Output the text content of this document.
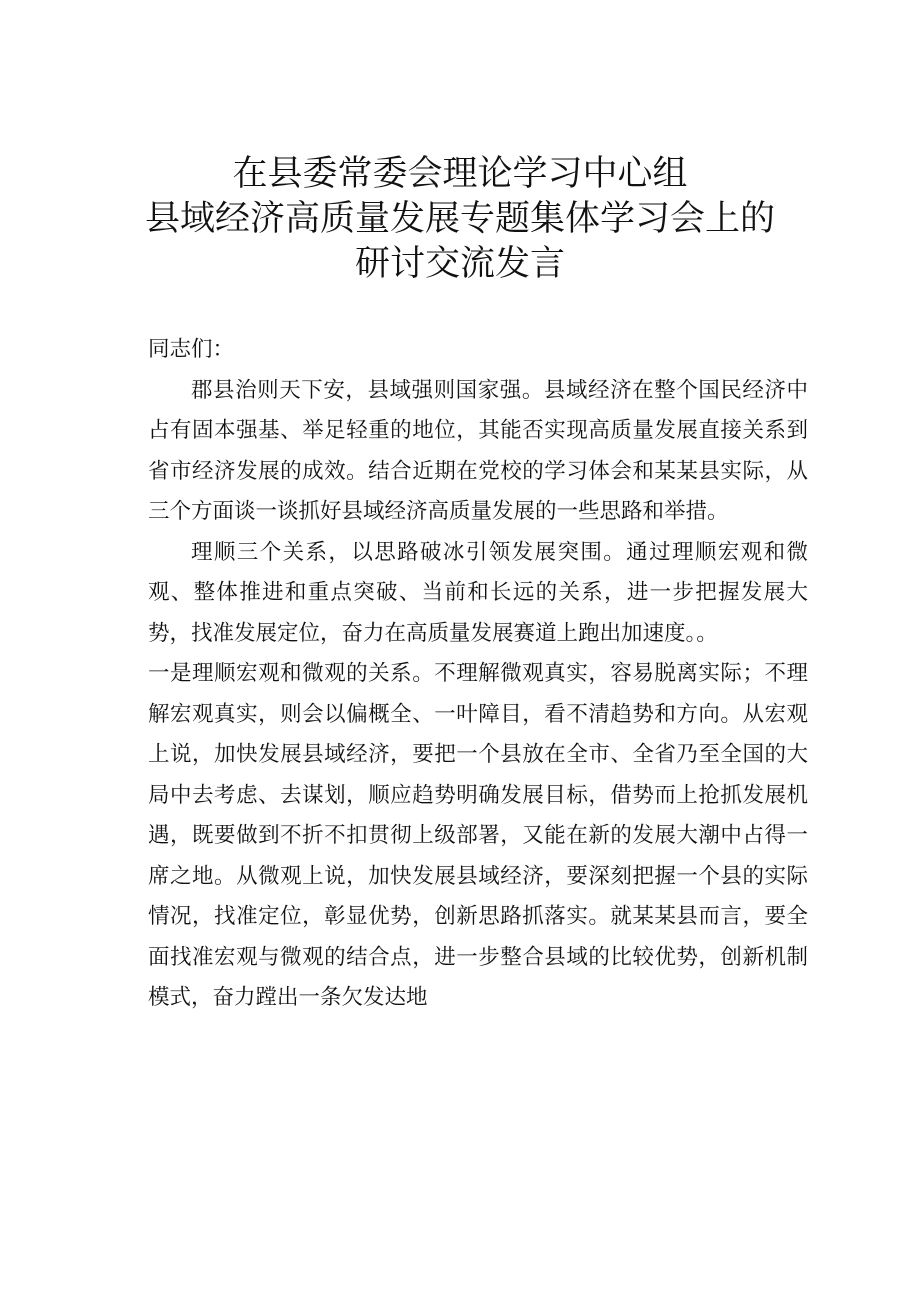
在县委常委会理论学习中心组
县域经济高质量发展专题集体学习会上的
研讨交流发言

同志们：

郡县治则天下安，县域强则国家强。县域经济在整个国民经济中占有固本强基、举足轻重的地位，其能否实现高质量发展直接关系到省市经济发展的成效。结合近期在党校的学习体会和某某县实际，从三个方面谈一谈抓好县域经济高质量发展的一些思路和举措。

理顺三个关系，以思路破冰引领发展突围。通过理顺宏观和微观、整体推进和重点突破、当前和长远的关系，进一步把握发展大势，找准发展定位，奋力在高质量发展赛道上跑出加速度。。

一是理顺宏观和微观的关系。不理解微观真实，容易脱离实际；不理解宏观真实，则会以偏概全、一叶障目，看不清趋势和方向。从宏观上说，加快发展县域经济，要把一个县放在全市、全省乃至全国的大局中去考虑、去谋划，顺应趋势明确发展目标，借势而上抢抓发展机遇，既要做到不折不扣贯彻上级部署，又能在新的发展大潮中占得一席之地。从微观上说，加快发展县域经济，要深刻把握一个县的实际情况，找准定位，彰显优势，创新思路抓落实。就某某县而言，要全面找准宏观与微观的结合点，进一步整合县域的比较优势，创新机制模式，奋力蹚出一条欠发达地
